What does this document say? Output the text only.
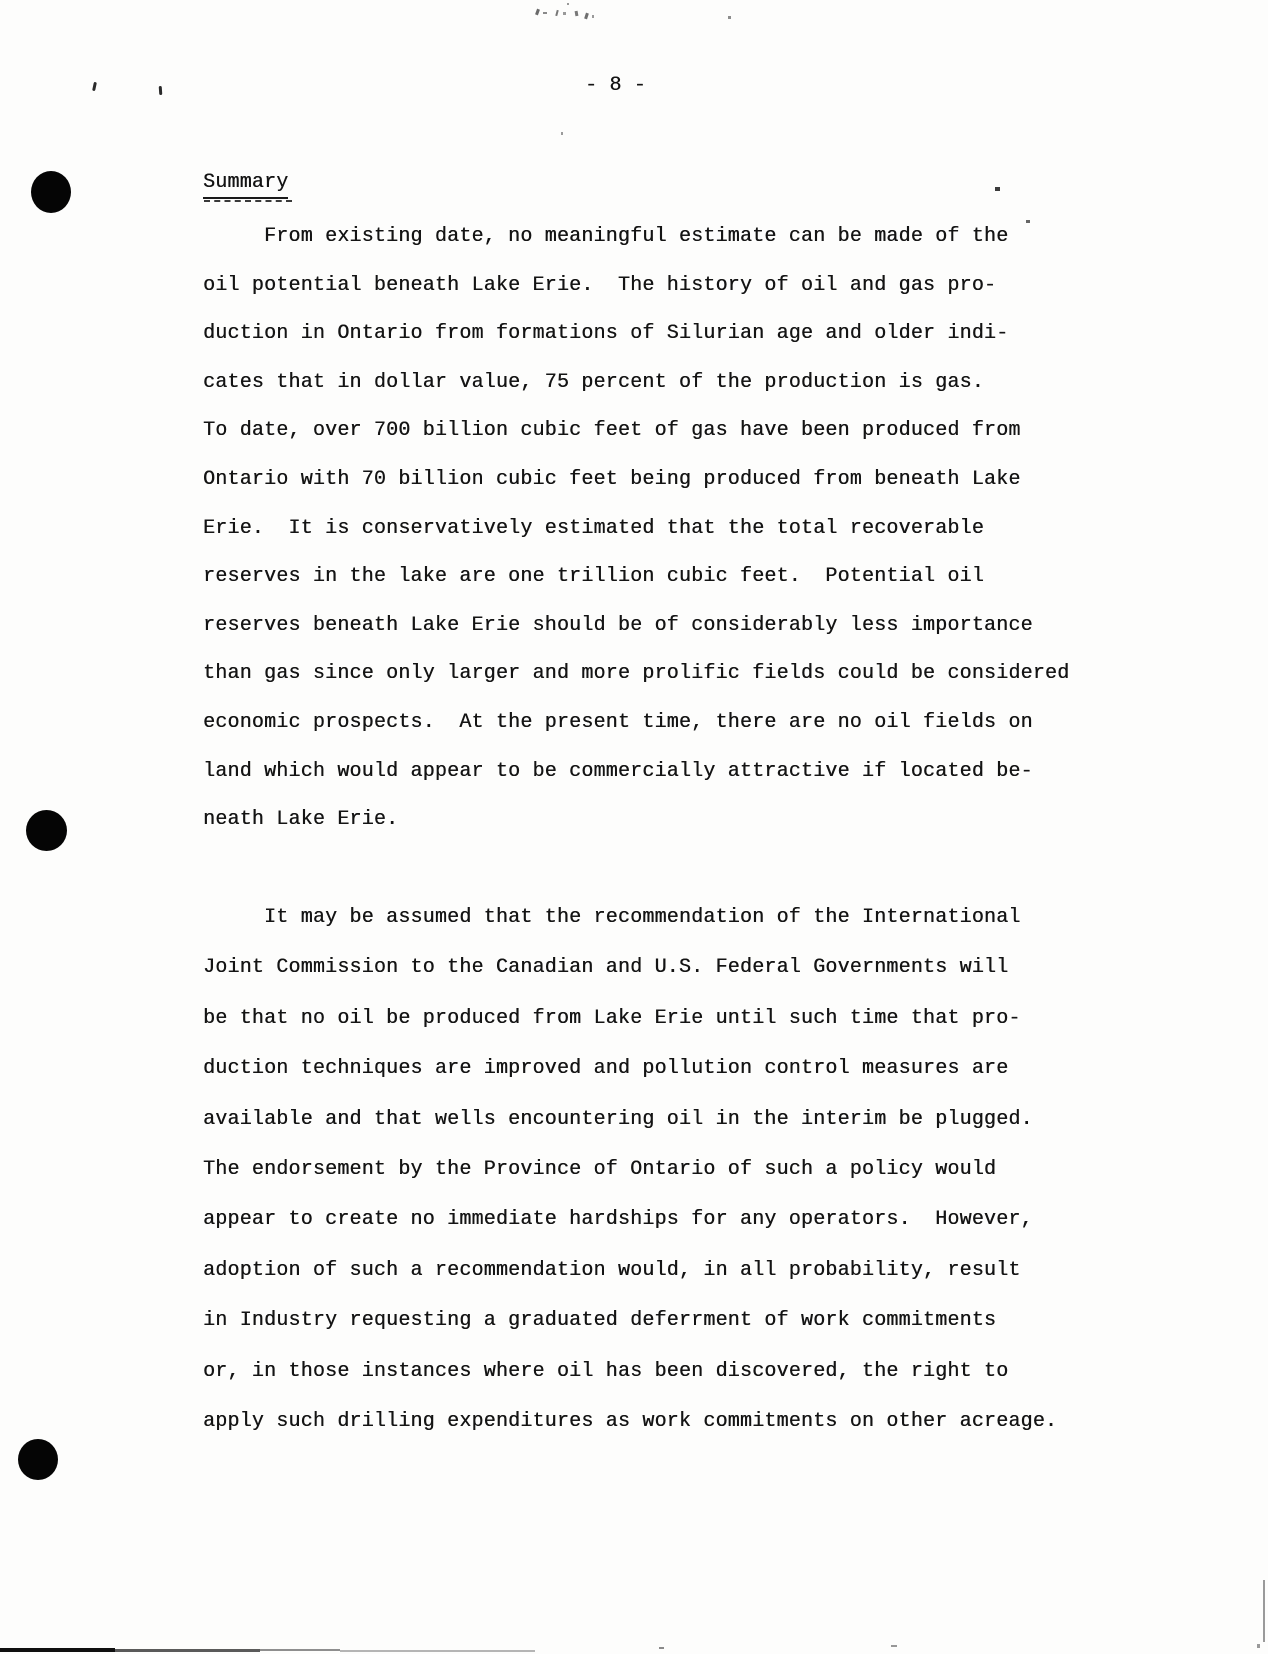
- 8 -
Summary
From existing date, no meaningful estimate can be made of the
oil potential beneath Lake Erie.  The history of oil and gas pro-
duction in Ontario from formations of Silurian age and older indi-
cates that in dollar value, 75 percent of the production is gas.
To date, over 700 billion cubic feet of gas have been produced from
Ontario with 70 billion cubic feet being produced from beneath Lake
Erie.  It is conservatively estimated that the total recoverable
reserves in the lake are one trillion cubic feet.  Potential oil
reserves beneath Lake Erie should be of considerably less importance
than gas since only larger and more prolific fields could be considered
economic prospects.  At the present time, there are no oil fields on
land which would appear to be commercially attractive if located be-
neath Lake Erie.
It may be assumed that the recommendation of the International
Joint Commission to the Canadian and U.S. Federal Governments will
be that no oil be produced from Lake Erie until such time that pro-
duction techniques are improved and pollution control measures are
available and that wells encountering oil in the interim be plugged.
The endorsement by the Province of Ontario of such a policy would
appear to create no immediate hardships for any operators.  However,
adoption of such a recommendation would, in all probability, result
in Industry requesting a graduated deferrment of work commitments
or, in those instances where oil has been discovered, the right to
apply such drilling expenditures as work commitments on other acreage.
